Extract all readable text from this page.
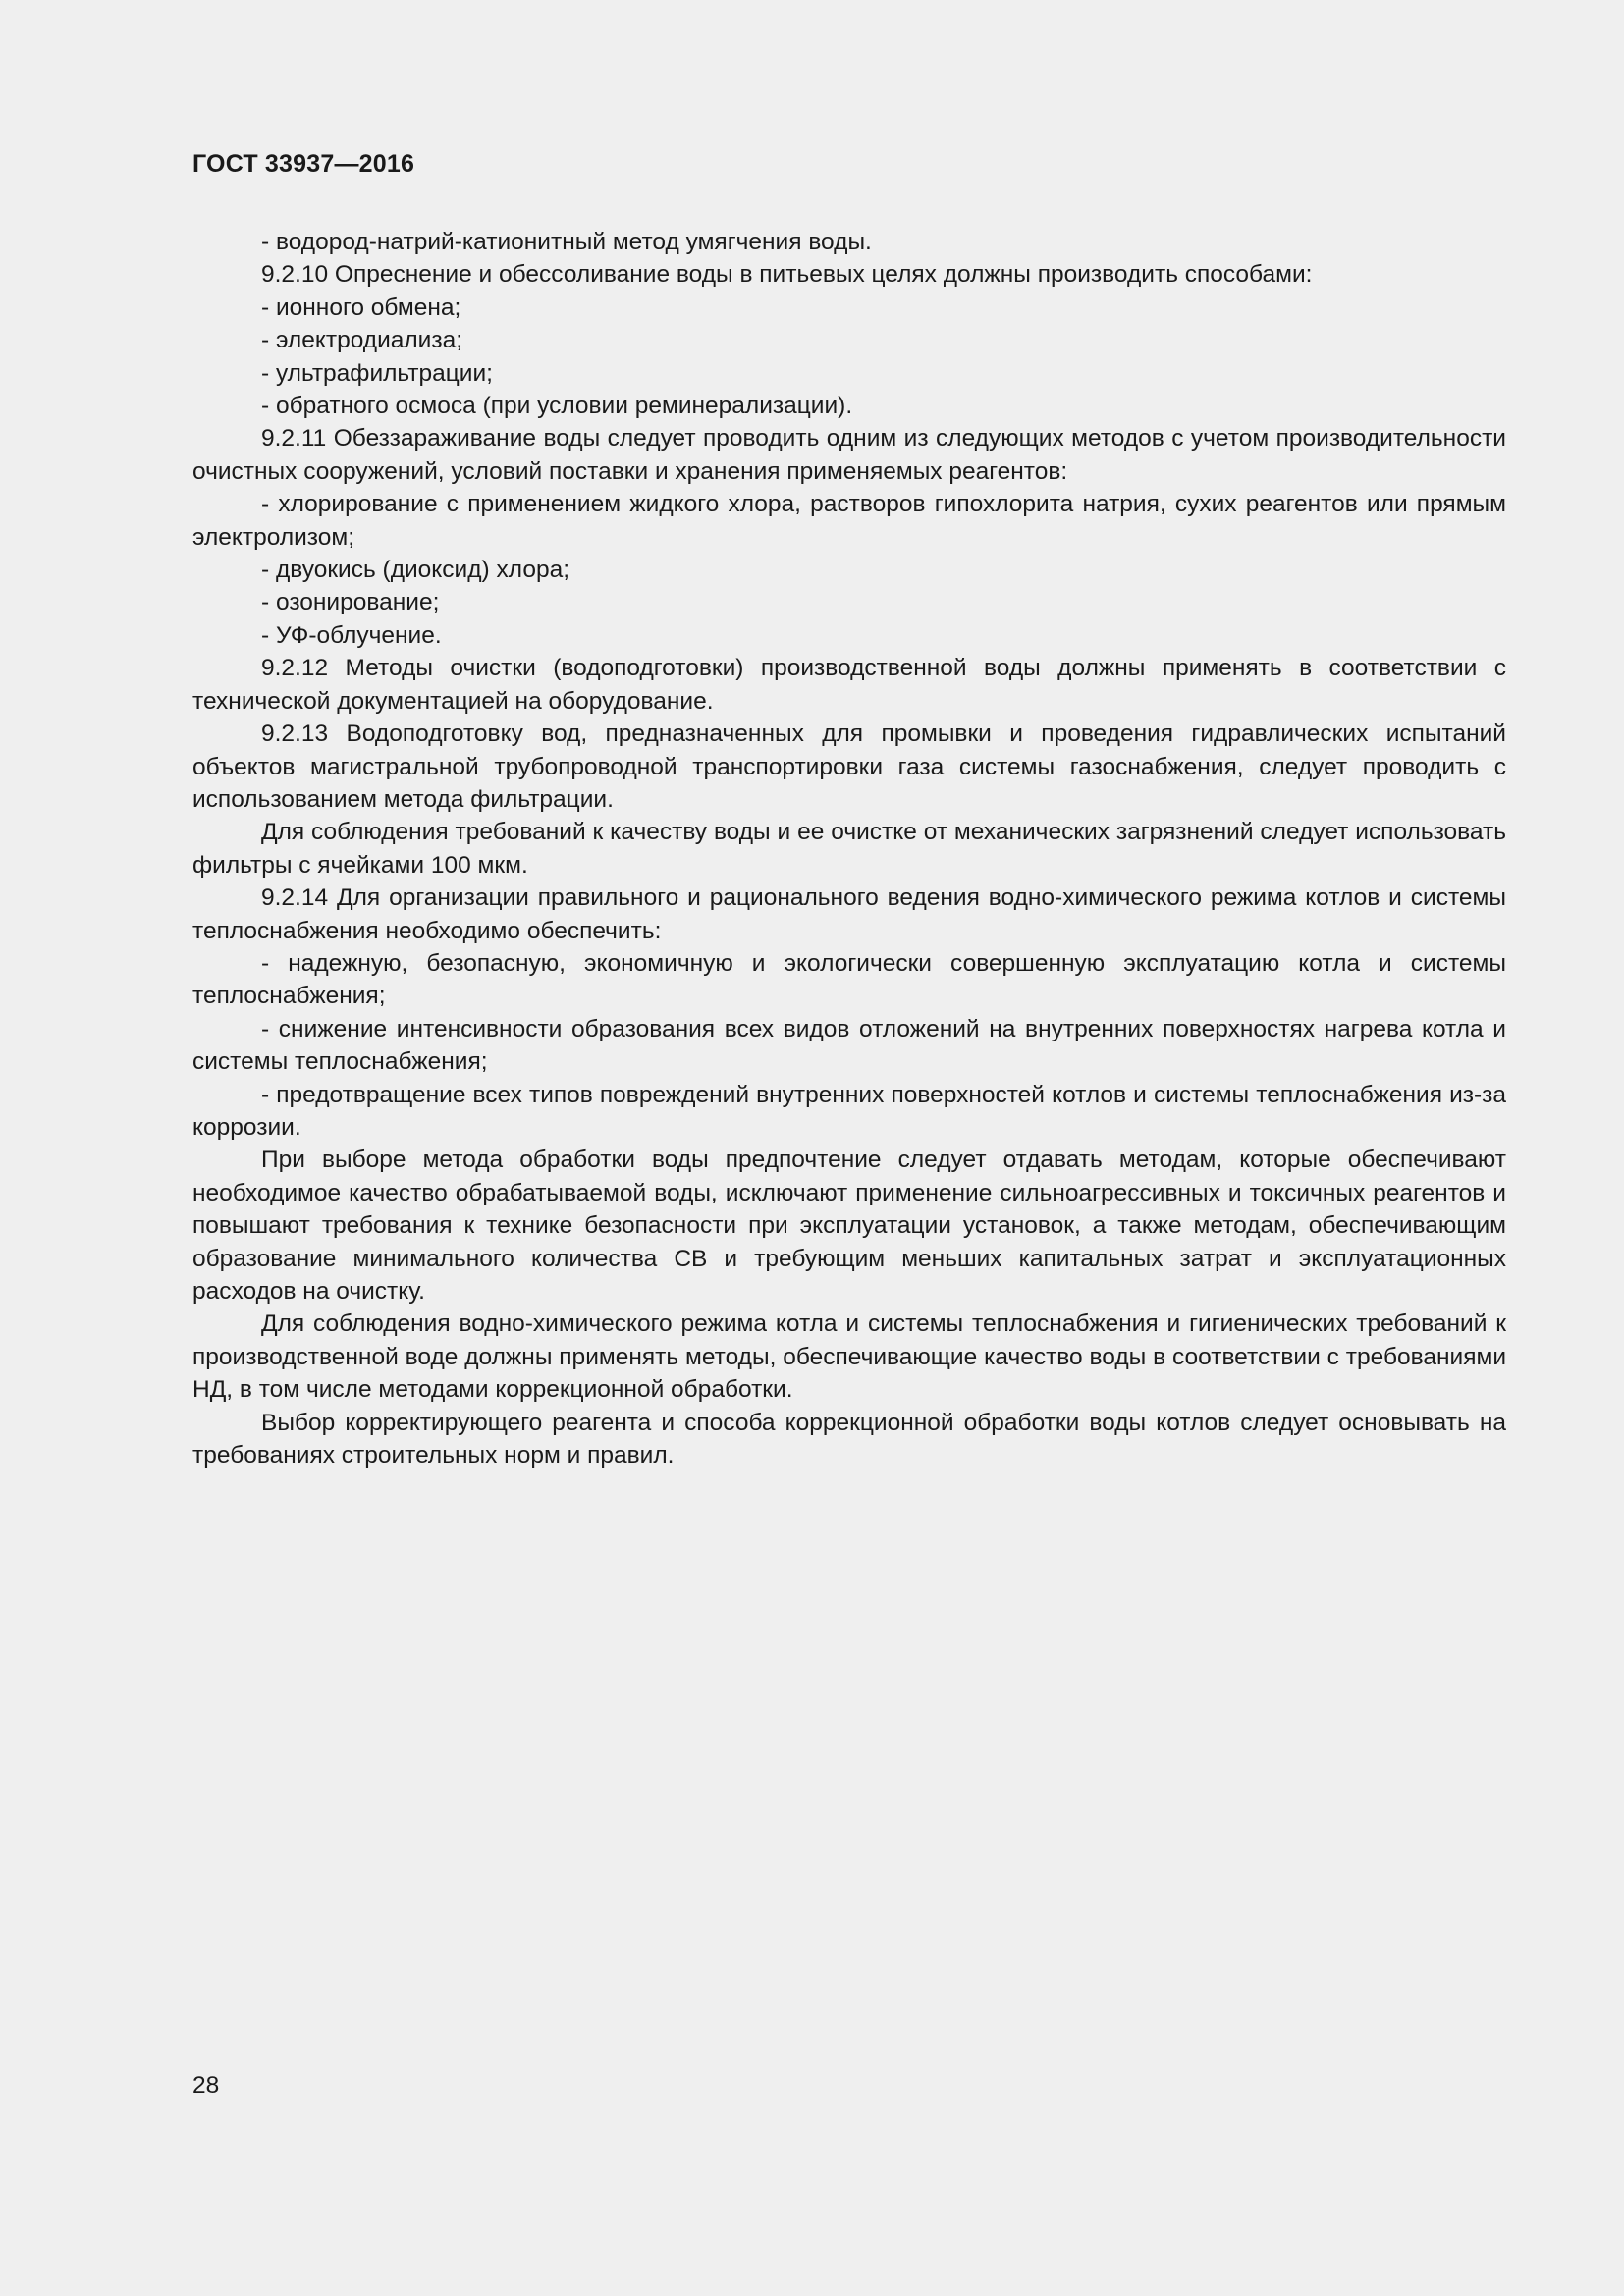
ГОСТ 33937—2016

- водород-натрий-катионитный метод умягчения воды.

9.2.10 Опреснение и обессоливание воды в питьевых целях должны производить способами:

- ионного обмена;

- электродиализа;

- ультрафильтрации;

- обратного осмоса (при условии реминерализации).

9.2.11 Обеззараживание воды следует проводить одним из следующих методов с учетом производительности очистных сооружений, условий поставки и хранения применяемых реагентов:

- хлорирование с применением жидкого хлора, растворов гипохлорита натрия, сухих реагентов или прямым электролизом;

- двуокись (диоксид) хлора;

- озонирование;

- УФ-облучение.

9.2.12 Методы очистки (водоподготовки) производственной воды должны применять в соответствии с технической документацией на оборудование.

9.2.13 Водоподготовку вод, предназначенных для промывки и проведения гидравлических испытаний объектов магистральной трубопроводной транспортировки газа системы газоснабжения, следует проводить с использованием метода фильтрации.

Для соблюдения требований к качеству воды и ее очистке от механических загрязнений следует использовать фильтры с ячейками 100 мкм.

9.2.14 Для организации правильного и рационального ведения водно-химического режима котлов и системы теплоснабжения необходимо обеспечить:

- надежную, безопасную, экономичную и экологически совершенную эксплуатацию котла и системы теплоснабжения;

- снижение интенсивности образования всех видов отложений на внутренних поверхностях нагрева котла и системы теплоснабжения;

- предотвращение всех типов повреждений внутренних поверхностей котлов и системы теплоснабжения из-за коррозии.

При выборе метода обработки воды предпочтение следует отдавать методам, которые обеспечивают необходимое качество обрабатываемой воды, исключают применение сильноагрессивных и токсичных реагентов и повышают требования к технике безопасности при эксплуатации установок, а также методам, обеспечивающим образование минимального количества СВ и требующим меньших капитальных затрат и эксплуатационных расходов на очистку.

Для соблюдения водно-химического режима котла и системы теплоснабжения и гигиенических требований к производственной воде должны применять методы, обеспечивающие качество воды в соответствии с требованиями НД, в том числе методами коррекционной обработки.

Выбор корректирующего реагента и способа коррекционной обработки воды котлов следует основывать на требованиях строительных норм и правил.

28
